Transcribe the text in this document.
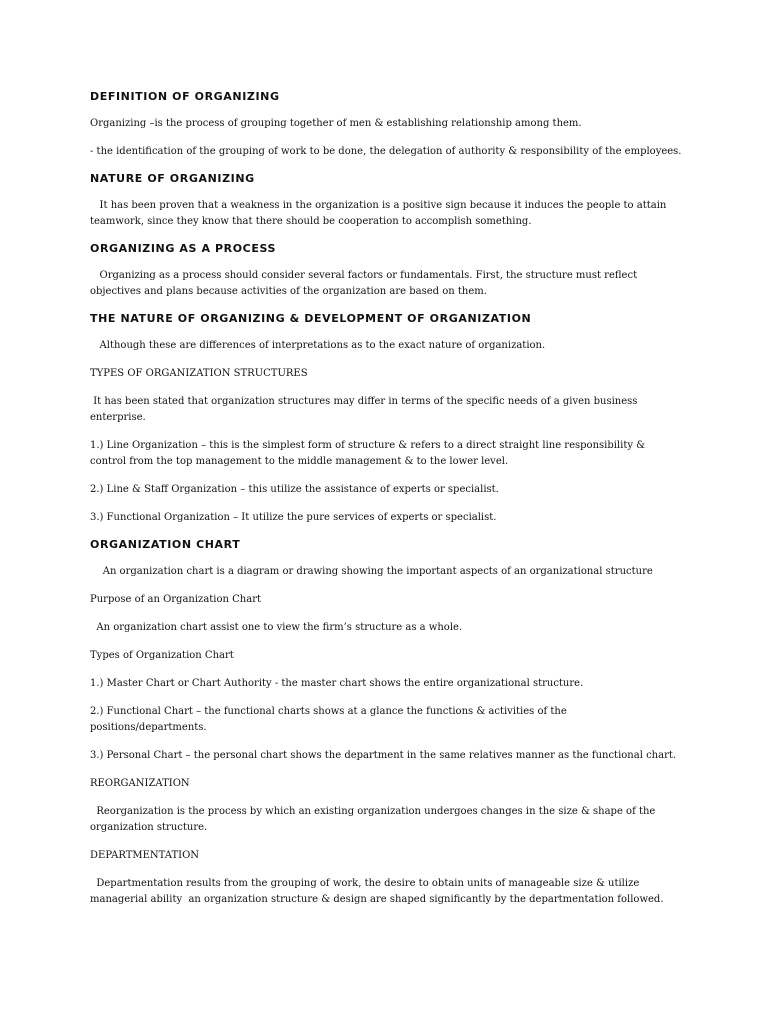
DEFINITION OF ORGANIZING

Organizing –is the process of grouping together of men & establishing relationship among them.

- the identification of the grouping of work to be done, the delegation of authority & responsibility of the employees.

NATURE OF ORGANIZING

It has been proven that a weakness in the organization is a positive sign because it induces the people to attain teamwork, since they know that there should be cooperation to accomplish something.

ORGANIZING AS A PROCESS

Organizing as a process should consider several factors or fundamentals. First, the structure must reflect objectives and plans because activities of the organization are based on them.

THE NATURE OF ORGANIZING & DEVELOPMENT OF ORGANIZATION

Although these are differences of interpretations as to the exact nature of organization.

TYPES OF ORGANIZATION STRUCTURES

It has been stated that organization structures may differ in terms of the specific needs of a given business enterprise.

1.) Line Organization – this is the simplest form of structure & refers to a direct straight line responsibility & control from the top management to the middle management & to the lower level.

2.) Line & Staff Organization – this utilize the assistance of experts or specialist.

3.) Functional Organization – It utilize the pure services of experts or specialist.

ORGANIZATION CHART

An organization chart is a diagram or drawing showing the important aspects of an organizational structure

Purpose of an Organization Chart

An organization chart assist one to view the firm’s structure as a whole.

Types of Organization Chart

1.) Master Chart or Chart Authority - the master chart shows the entire organizational structure.

2.) Functional Chart – the functional charts shows at a glance the functions & activities of the positions/departments.

3.) Personal Chart – the personal chart shows the department in the same relatives manner as the functional chart.

REORGANIZATION

Reorganization is the process by which an existing organization undergoes changes in the size & shape of the organization structure.

DEPARTMENTATION

Departmentation results from the grouping of work, the desire to obtain units of manageable size & utilize managerial ability  an organization structure & design are shaped significantly by the departmentation followed.
